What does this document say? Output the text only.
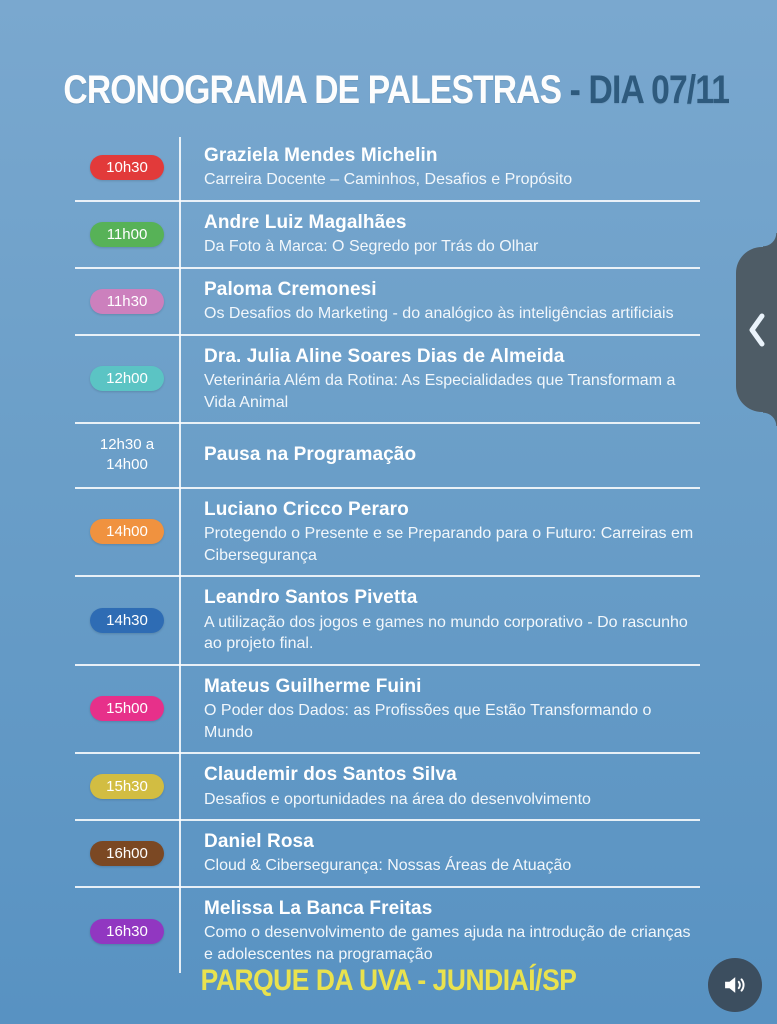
CRONOGRAMA DE PALESTRAS - DIA 07/11
10h30
Graziela Mendes Michelin
Carreira Docente – Caminhos, Desafios e Propósito
11h00
Andre Luiz Magalhães
Da Foto à Marca: O Segredo por Trás do Olhar
11h30
Paloma Cremonesi
Os Desafios do Marketing - do analógico às inteligências artificiais
12h00
Dra. Julia Aline Soares Dias de Almeida
Veterinária Além da Rotina: As Especialidades que Transformam a Vida Animal
12h30 a
14h00	Pausa na Programação
14h00
Luciano Cricco Peraro
Protegendo o Presente e se Preparando para o Futuro: Carreiras em Cibersegurança
14h30
Leandro Santos Pivetta
A utilização dos jogos e games no mundo corporativo - Do rascunho ao projeto final.
15h00
Mateus Guilherme Fuini
O Poder dos Dados: as Profissões que Estão Transformando o Mundo
15h30
Claudemir dos Santos Silva
Desafios e oportunidades na área do desenvolvimento
16h00
Daniel Rosa
Cloud & Cibersegurança: Nossas Áreas de Atuação
16h30
Melissa La Banca Freitas
Como o desenvolvimento de games ajuda na introdução de crianças e adolescentes na programação
PARQUE DA UVA - JUNDIAÍ/SP
